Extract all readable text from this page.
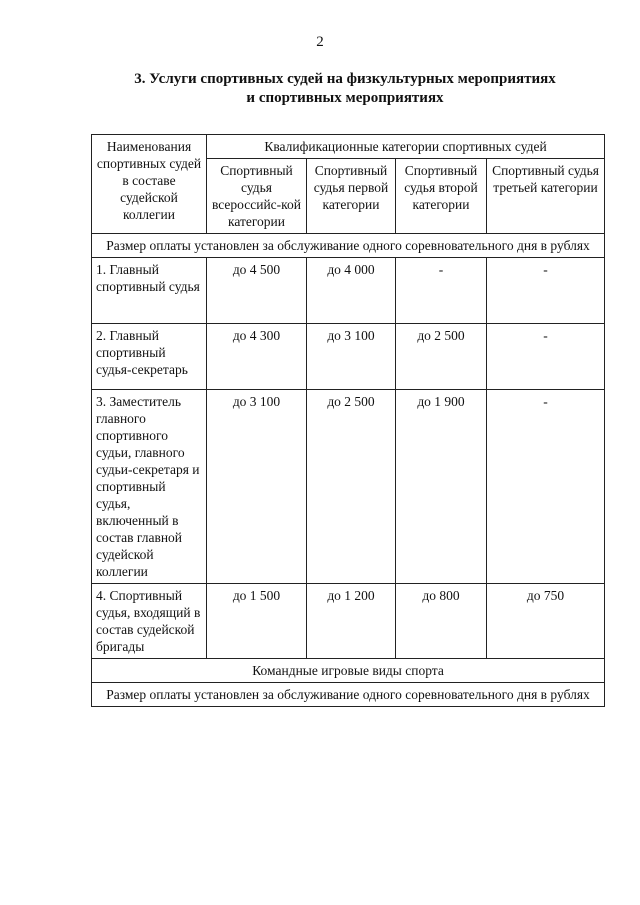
2
3. Услуги спортивных судей на физкультурных мероприятиях
и спортивных мероприятиях
Наименования спортивных судей в составе судейской коллегии	Квалификационные категории спортивных судей			
	Спортивный судья всероссийс-кой категории	Спортивный судья первой категории	Спортивный судья второй категории	Спортивный судья третьей категории
Размер оплаты установлен за обслуживание одного соревновательного дня в рублях				
1. Главный спортивный судья	до 4 500	до 4 000	-	-
2. Главный спортивный судья-секретарь	до 4 300	до 3 100	до 2 500	-
3. Заместитель главного спортивного судьи, главного судьи-секретаря и спортивный судья, включенный в состав главной судейской коллегии	до 3 100	до 2 500	до 1 900	-
4. Спортивный судья, входящий в состав судейской бригады	до 1 500	до 1 200	до 800	до 750
Командные игровые виды спорта				
Размер оплаты установлен за обслуживание одного соревновательного дня в рублях				
